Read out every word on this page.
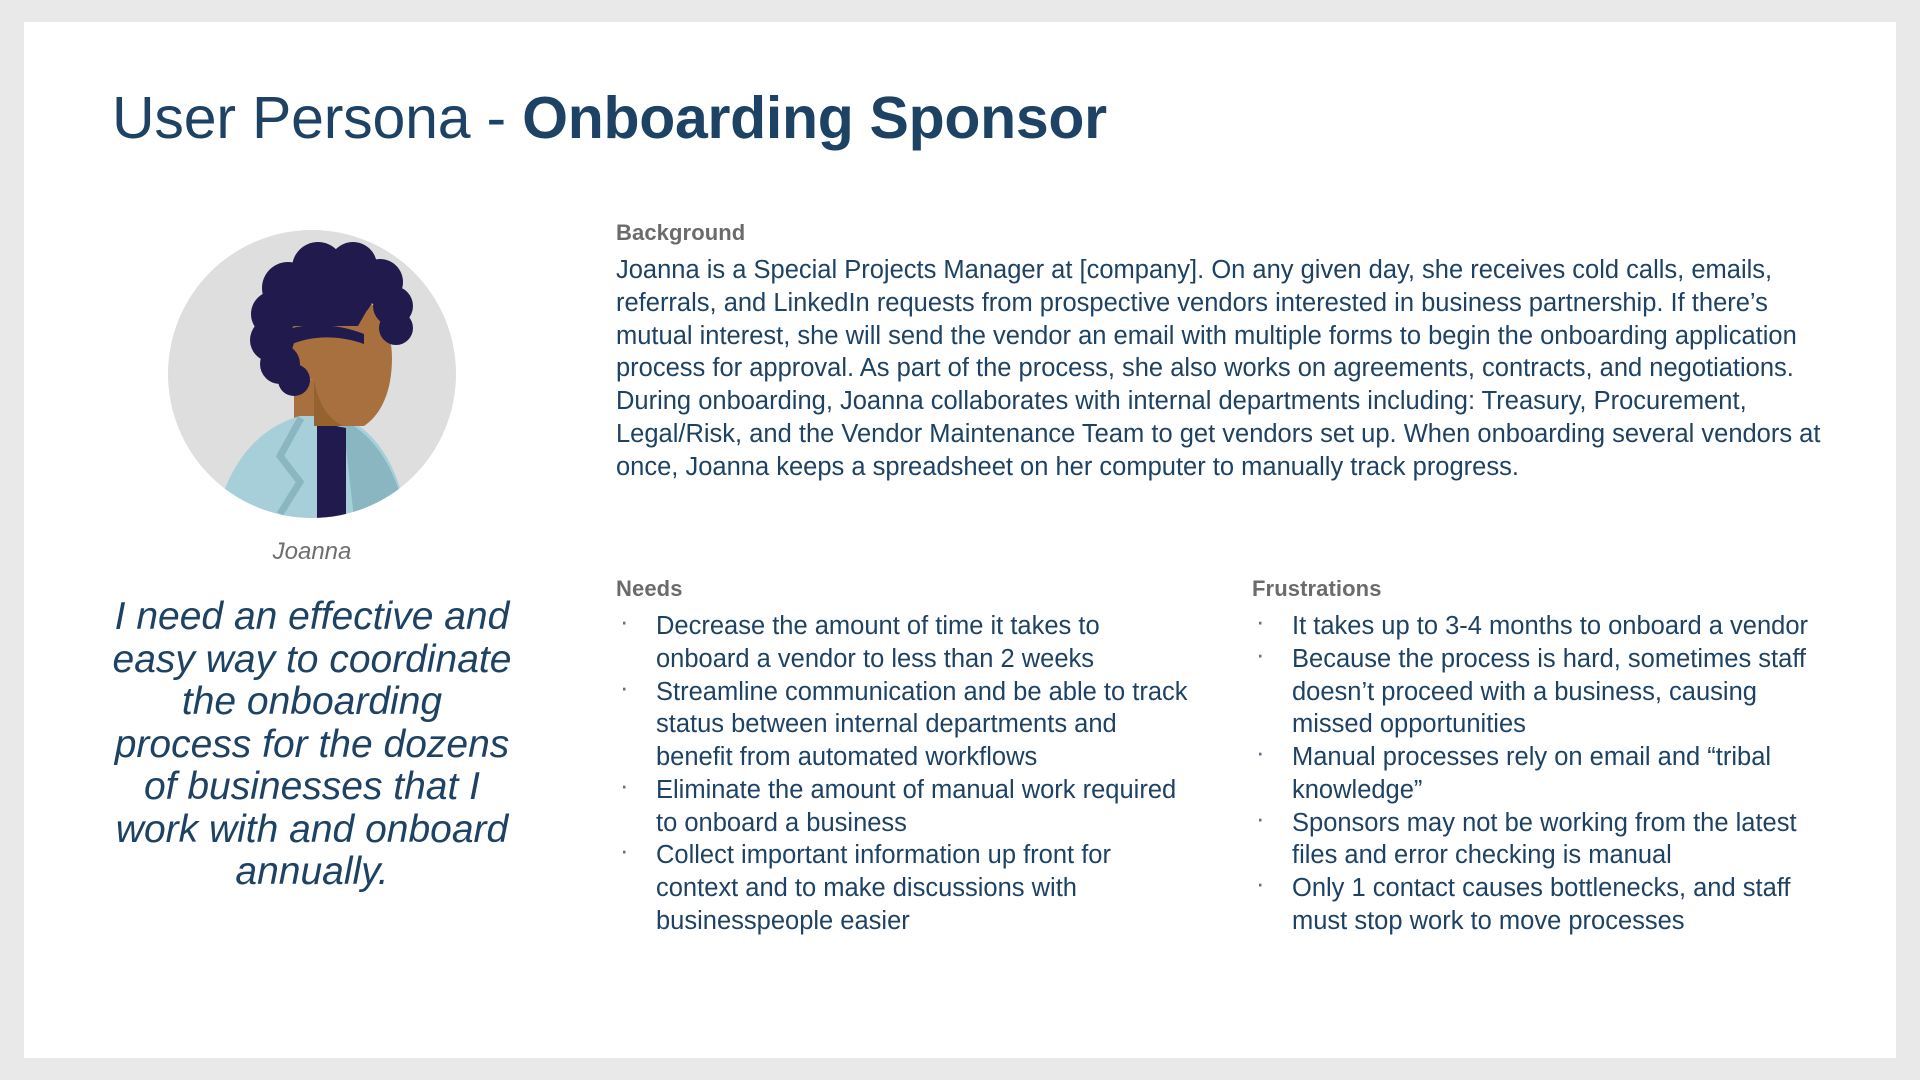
User Persona - Onboarding Sponsor
Joanna
I need an effective and easy way to coordinate the onboarding process for the dozens of businesses that I work with and onboard annually.
Background

Joanna is a Special Projects Manager at [company]. On any given day, she receives cold calls, emails, referrals, and LinkedIn requests from prospective vendors interested in business partnership. If there’s mutual interest, she will send the vendor an email with multiple forms to begin the onboarding application process for approval. As part of the process, she also works on agreements, contracts, and negotiations. During onboarding, Joanna collaborates with internal departments including: Treasury, Procurement, Legal/Risk, and the Vendor Maintenance Team to get vendors set up. When onboarding several vendors at once, Joanna keeps a spreadsheet on her computer to manually track progress.

Needs
· Decrease the amount of time it takes to onboard a vendor to less than 2 weeks
· Streamline communication and be able to track status between internal departments and benefit from automated workflows
· Eliminate the amount of manual work required to onboard a business
· Collect important information up front for context and to make discussions with businesspeople easier
Frustrations
· It takes up to 3-4 months to onboard a vendor
· Because the process is hard, sometimes staff doesn’t proceed with a business, causing missed opportunities
· Manual processes rely on email and “tribal knowledge”
· Sponsors may not be working from the latest files and error checking is manual
· Only 1 contact causes bottlenecks, and staff must stop work to move processes
